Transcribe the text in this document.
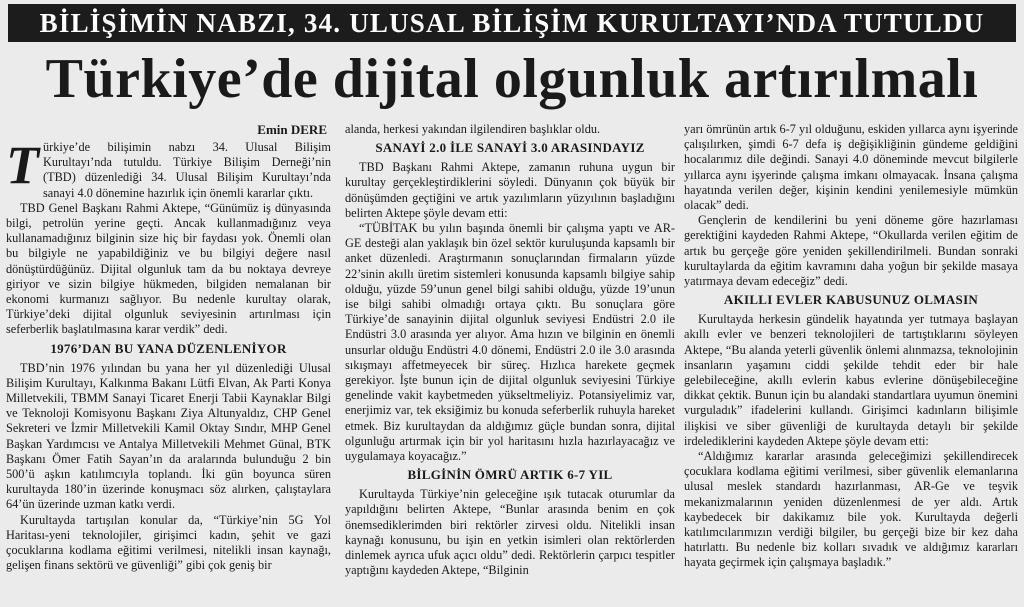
BİLİŞİMİN NABZI, 34. ULUSAL BİLİŞİM KURULTAYI’NDA TUTULDU
Türkiye’de dijital olgunluk artırılmalı
Emin DERE

Türkiye’de bilişimin nabzı 34. Ulusal Bilişim Kurultayı’nda tutuldu. Türkiye Bilişim Derneği’nin (TBD) düzenlediği 34. Ulusal Bilişim Kurultayı’nda sanayi 4.0 dönemine hazırlık için önemli kararlar çıktı.

TBD Genel Başkanı Rahmi Aktepe, “Günümüz iş dünyasında bilgi, petrolün yerine geçti. Ancak kullanmadığınız veya kullanamadığınız bilginin size hiç bir faydası yok. Önemli olan bu bilgiyle ne yapabildiğiniz ve bu bilgiyi değere nasıl dönüştürdüğünüz. Dijital olgunluk tam da bu noktaya devreye giriyor ve sizin bilgiye hükmeden, bilgiden nemalanan bir ekonomi kurmanızı sağlıyor. Bu nedenle kurultay olarak, Türkiye’deki dijital olgunluk seviyesinin artırılması için seferberlik başlatılmasına karar verdik” dedi.

1976’DAN BU YANA DÜZENLENİYOR

TBD’nin 1976 yılından bu yana her yıl düzenlediği Ulusal Bilişim Kurultayı, Kalkınma Bakanı Lütfi Elvan, Ak Parti Konya Milletvekili, TBMM Sanayi Ticaret Enerji Tabii Kaynaklar Bilgi ve Teknoloji Komisyonu Başkanı Ziya Altunyaldız, CHP Genel Sekreteri ve İzmir Milletvekili Kamil Oktay Sındır, MHP Genel Başkan Yardımcısı ve Antalya Milletvekili Mehmet Günal, BTK Başkanı Ömer Fatih Sayan’ın da aralarında bulunduğu 2 bin 500’ü aşkın katılımcıyla toplandı. İki gün boyunca süren kurultayda 180’in üzerinde konuşmacı söz alırken, çalıştaylara 64’ün üzerinde uzman katkı verdi.

Kurultayda tartışılan konular da, “Türkiye’nin 5G Yol Haritası-yeni teknolojiler, girişimci kadın, şehit ve gazi çocuklarına kodlama eğitimi verilmesi, nitelikli insan kaynağı, gelişen finans sektörü ve güvenliği” gibi çok geniş bir

alanda, herkesi yakından ilgilendiren başlıklar oldu.

SANAYİ 2.0 İLE SANAYİ 3.0 ARASINDAYIZ

TBD Başkanı Rahmi Aktepe, zamanın ruhuna uygun bir kurultay gerçekleştirdiklerini söyledi. Dünyanın çok büyük bir dönüşümden geçtiğini ve artık yazılımların yüzyılının başladığını belirten Aktepe şöyle devam etti:

“TÜBİTAK bu yılın başında önemli bir çalışma yaptı ve AR-GE desteği alan yaklaşık bin özel sektör kuruluşunda kapsamlı bir anket düzenledi. Araştırmanın sonuçlarından firmaların yüzde 22’sinin akıllı üretim sistemleri konusunda kapsamlı bilgiye sahip olduğu, yüzde 59’unun genel bilgi sahibi olduğu, yüzde 19’unun ise bilgi sahibi olmadığı ortaya çıktı. Bu sonuçlara göre Türkiye’de sanayinin dijital olgunluk seviyesi Endüstri 2.0 ile Endüstri 3.0 arasında yer alıyor. Ama hızın ve bilginin en önemli unsurlar olduğu Endüstri 4.0 dönemi, Endüstri 2.0 ile 3.0 arasında sıkışmayı affetmeyecek bir süreç. Hızlıca harekete geçmek gerekiyor. İşte bunun için de dijital olgunluk seviyesini Türkiye genelinde vakit kaybetmeden yükseltmeliyiz. Potansiyelimiz var, enerjimiz var, tek eksiğimiz bu konuda seferberlik ruhuyla hareket etmek. Biz kurultaydan da aldığımız güçle bundan sonra, dijital olgunluğu artırmak için bir yol haritasını hızla hazırlayacağız ve uygulamaya koyacağız.”

BİLGİNİN ÖMRÜ ARTIK 6-7 YIL

Kurultayda Türkiye’nin geleceğine ışık tutacak oturumlar da yapıldığını belirten Aktepe, “Bunlar arasında benim en çok önemsediklerimden biri rektörler zirvesi oldu. Nitelikli insan kaynağı konusunu, bu işin en yetkin isimleri olan rektörlerden dinlemek ayrıca ufuk açıcı oldu” dedi. Rektörlerin çarpıcı tespitler yaptığını kaydeden Aktepe, “Bilginin

yarı ömrünün artık 6-7 yıl olduğunu, eskiden yıllarca aynı işyerinde çalışılırken, şimdi 6-7 defa iş değişikliğinin gündeme geldiğini hocalarımız dile değindi. Sanayi 4.0 döneminde mevcut bilgilerle yıllarca aynı işyerinde çalışma imkanı olmayacak. İnsana çalışma hayatında verilen değer, kişinin kendini yenilemesiyle mümkün olacak” dedi.

Gençlerin de kendilerini bu yeni döneme göre hazırlaması gerektiğini kaydeden Rahmi Aktepe, “Okullarda verilen eğitim de artık bu gerçeğe göre yeniden şekillendirilmeli. Bundan sonraki kurultaylarda da eğitim kavramını daha yoğun bir şekilde masaya yatırmaya devam edeceğiz” dedi.

AKILLI EVLER KABUSUNUZ OLMASIN

Kurultayda herkesin gündelik hayatında yer tutmaya başlayan akıllı evler ve benzeri teknolojileri de tartıştıklarını söyleyen Aktepe, “Bu alanda yeterli güvenlik önlemi alınmazsa, teknolojinin insanların yaşamını ciddi şekilde tehdit eder bir hale gelebileceğine, akıllı evlerin kabus evlerine dönüşebileceğine dikkat çektik. Bunun için bu alandaki standartlara uyumun önemini vurguladık” ifadelerini kullandı. Girişimci kadınların bilişimle ilişkisi ve siber güvenliği de kurultayda detaylı bir şekilde irdelediklerini kaydeden Aktepe şöyle devam etti:

“Aldığımız kararlar arasında geleceğimizi şekillendirecek çocuklara kodlama eğitimi verilmesi, siber güvenlik elemanlarına ulusal meslek standardı hazırlanması, AR-Ge ve teşvik mekanizmalarının yeniden düzenlenmesi de yer aldı. Artık kaybedecek bir dakikamız bile yok. Kurultayda değerli katılımcılarımızın verdiği bilgiler, bu gerçeği bize bir kez daha hatırlattı. Bu nedenle biz kolları sıvadık ve aldığımız kararları hayata geçirmek için çalışmaya başladık.”
